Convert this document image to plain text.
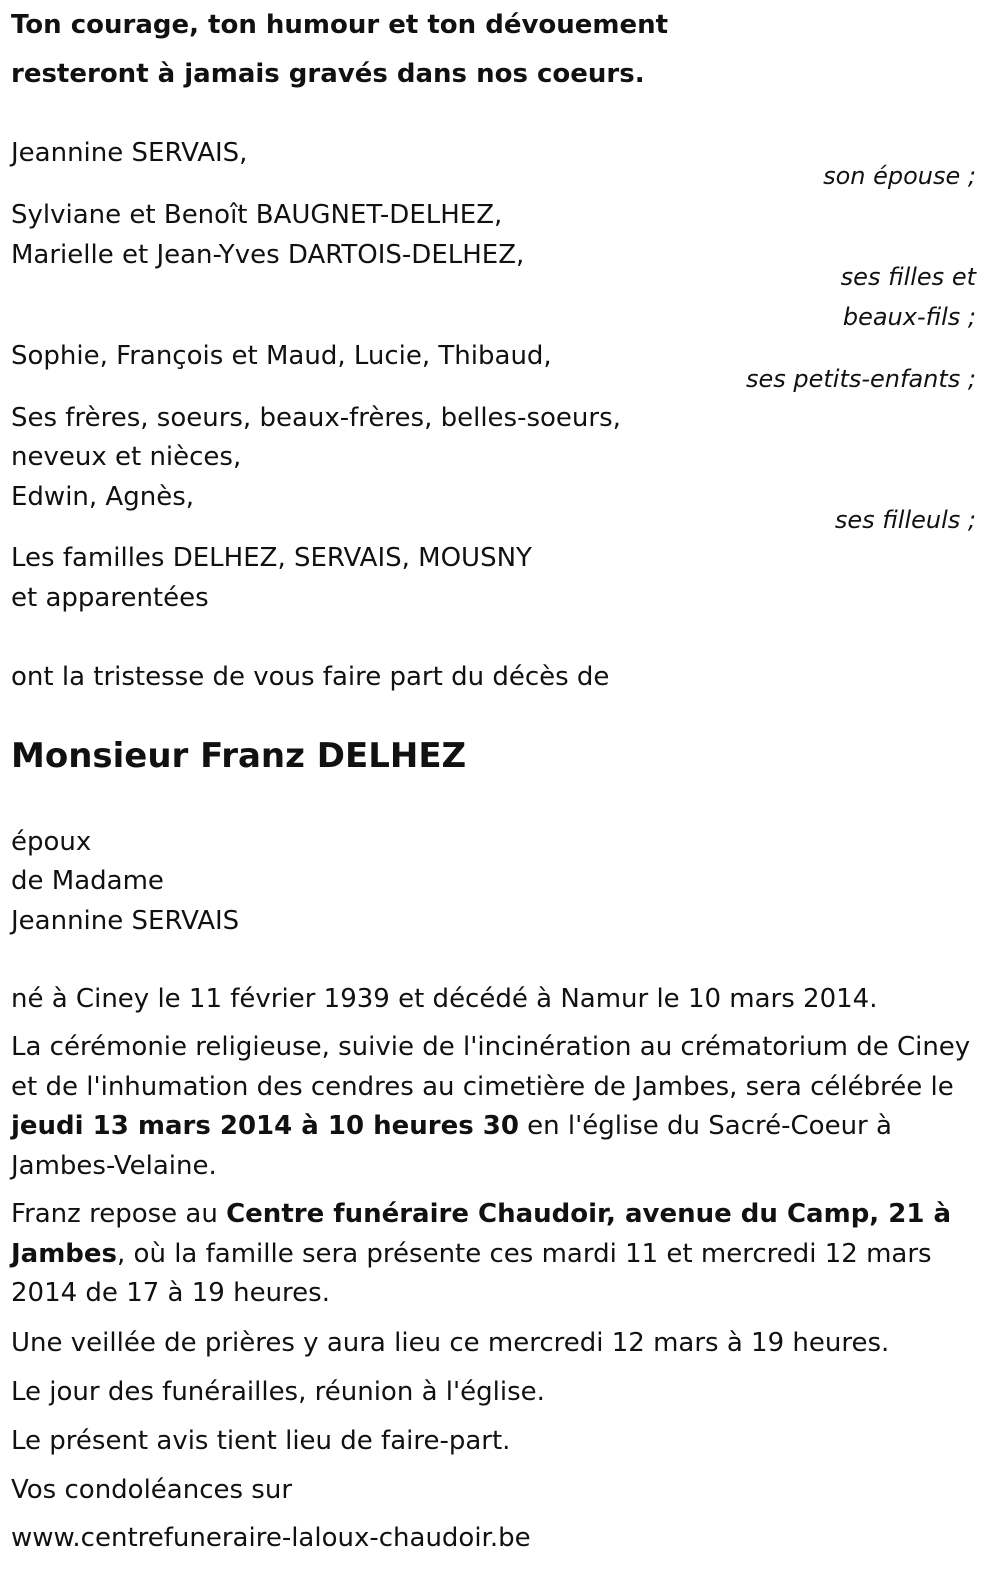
Ton courage, ton humour et ton dévouement
resteront à jamais gravés dans nos coeurs.
Jeannine SERVAIS,
son épouse ;
Sylviane et Benoît BAUGNET-DELHEZ,
Marielle et Jean-Yves DARTOIS-DELHEZ,
ses filles et
beaux-fils ;
Sophie, François et Maud, Lucie, Thibaud,
ses petits-enfants ;
Ses frères, soeurs, beaux-frères, belles-soeurs,
neveux et nièces,
Edwin, Agnès,
ses filleuls ;
Les familles DELHEZ, SERVAIS, MOUSNY
et apparentées
ont la tristesse de vous faire part du décès de
Monsieur Franz DELHEZ
époux
de Madame
Jeannine SERVAIS
né à Ciney le 11 février 1939 et décédé à Namur le 10 mars 2014.
La cérémonie religieuse, suivie de l'incinération au crématorium de Ciney et de l'inhumation des cendres au cimetière de Jambes, sera célébrée le jeudi 13 mars 2014 à 10 heures 30 en l'église du Sacré-Coeur à Jambes-Velaine.
Franz repose au Centre funéraire Chaudoir, avenue du Camp, 21 à Jambes, où la famille sera présente ces mardi 11 et mercredi 12 mars 2014 de 17 à 19 heures.
Une veillée de prières y aura lieu ce mercredi 12 mars à 19 heures.
Le jour des funérailles, réunion à l'église.
Le présent avis tient lieu de faire-part.
Vos condoléances sur
www.centrefuneraire-laloux-chaudoir.be
